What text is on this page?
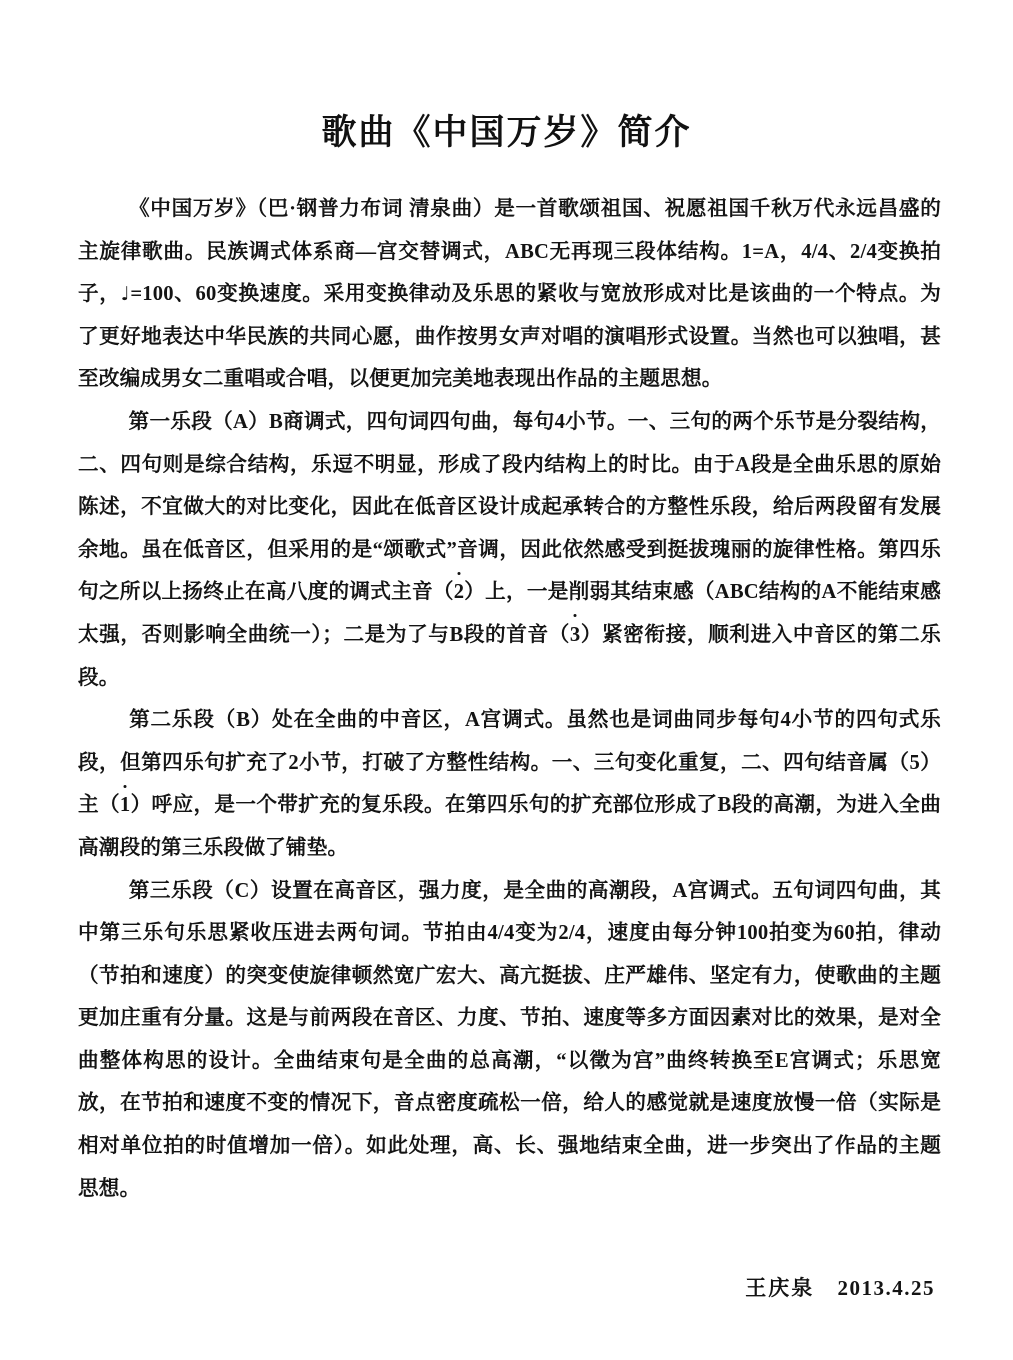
歌曲《中国万岁》简介

《中国万岁》（巴·钢普力布词 清泉曲）是一首歌颂祖国、祝愿祖国千秋万代永远昌盛的主旋律歌曲。民族调式体系商—宫交替调式，ABC无再现三段体结构。1=A，4/4、2/4变换拍子，♩=100、60变换速度。采用变换律动及乐思的紧收与宽放形成对比是该曲的一个特点。为了更好地表达中华民族的共同心愿，曲作按男女声对唱的演唱形式设置。当然也可以独唱，甚至改编成男女二重唱或合唱，以便更加完美地表现出作品的主题思想。

第一乐段（A）B商调式，四句词四句曲，每句4小节。一、三句的两个乐节是分裂结构，二、四句则是综合结构，乐逗不明显，形成了段内结构上的时比。由于A段是全曲乐思的原始陈述，不宜做大的对比变化，因此在低音区设计成起承转合的方整性乐段，给后两段留有发展余地。虽在低音区，但采用的是“颂歌式”音调，因此依然感受到挺拔瑰丽的旋律性格。第四乐句之所以上扬终止在高八度的调式主音（2
）上，一是削弱其结束感（ABC结构的A不能结束感太强，否则影响全曲统一）；二是为了与B段的首音（3
）紧密衔接，顺利进入中音区的第二乐段。

第二乐段（B）处在全曲的中音区，A宫调式。虽然也是词曲同步每句4小节的四句式乐段，但第四乐句扩充了2小节，打破了方整性结构。一、三句变化重复，二、四句结音属（5）主（1
）呼应，是一个带扩充的复乐段。在第四乐句的扩充部位形成了B段的高潮，为进入全曲高潮段的第三乐段做了铺垫。

第三乐段（C）设置在高音区，强力度，是全曲的高潮段，A宫调式。五句词四句曲，其中第三乐句乐思紧收压进去两句词。节拍由4/4变为2/4，速度由每分钟100拍变为60拍，律动（节拍和速度）的突变使旋律顿然宽广宏大、高亢挺拔、庄严雄伟、坚定有力，使歌曲的主题更加庄重有分量。这是与前两段在音区、力度、节拍、速度等多方面因素对比的效果，是对全曲整体构思的设计。全曲结束句是全曲的总高潮，“以徵为宫”曲终转换至E宫调式；乐思宽放，在节拍和速度不变的情况下，音点密度疏松一倍，给人的感觉就是速度放慢一倍（实际是相对单位拍的时值增加一倍）。如此处理，高、长、强地结束全曲，进一步突出了作品的主题思想。

王庆泉 2013.4.25
